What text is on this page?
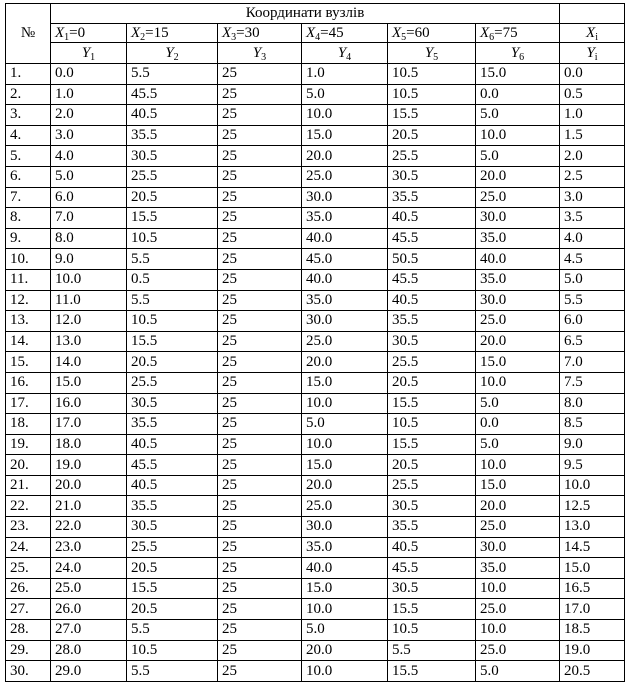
№	Координати вузлів						
	$X_1=0$	$X_2=15$	$X_3=30$	$X_4=45$	$X_5=60$	$X_6=75$	$X_i$
	$Y_1$	$Y_2$	$Y_3$	$Y_4$	$Y_5$	$Y_6$	$Y_i$
1.	0.0	5.5	25	1.0	10.5	15.0	0.0
2.	1.0	45.5	25	5.0	10.5	0.0	0.5
3.	2.0	40.5	25	10.0	15.5	5.0	1.0
4.	3.0	35.5	25	15.0	20.5	10.0	1.5
5.	4.0	30.5	25	20.0	25.5	5.0	2.0
6.	5.0	25.5	25	25.0	30.5	20.0	2.5
7.	6.0	20.5	25	30.0	35.5	25.0	3.0
8.	7.0	15.5	25	35.0	40.5	30.0	3.5
9.	8.0	10.5	25	40.0	45.5	35.0	4.0
10.	9.0	5.5	25	45.0	50.5	40.0	4.5
11.	10.0	0.5	25	40.0	45.5	35.0	5.0
12.	11.0	5.5	25	35.0	40.5	30.0	5.5
13.	12.0	10.5	25	30.0	35.5	25.0	6.0
14.	13.0	15.5	25	25.0	30.5	20.0	6.5
15.	14.0	20.5	25	20.0	25.5	15.0	7.0
16.	15.0	25.5	25	15.0	20.5	10.0	7.5
17.	16.0	30.5	25	10.0	15.5	5.0	8.0
18.	17.0	35.5	25	5.0	10.5	0.0	8.5
19.	18.0	40.5	25	10.0	15.5	5.0	9.0
20.	19.0	45.5	25	15.0	20.5	10.0	9.5
21.	20.0	40.5	25	20.0	25.5	15.0	10.0
22.	21.0	35.5	25	25.0	30.5	20.0	12.5
23.	22.0	30.5	25	30.0	35.5	25.0	13.0
24.	23.0	25.5	25	35.0	40.5	30.0	14.5
25.	24.0	20.5	25	40.0	45.5	35.0	15.0
26.	25.0	15.5	25	15.0	30.5	10.0	16.5
27.	26.0	20.5	25	10.0	15.5	25.0	17.0
28.	27.0	5.5	25	5.0	10.5	10.0	18.5
29.	28.0	10.5	25	20.0	5.5	25.0	19.0
30.	29.0	5.5	25	10.0	15.5	5.0	20.5
